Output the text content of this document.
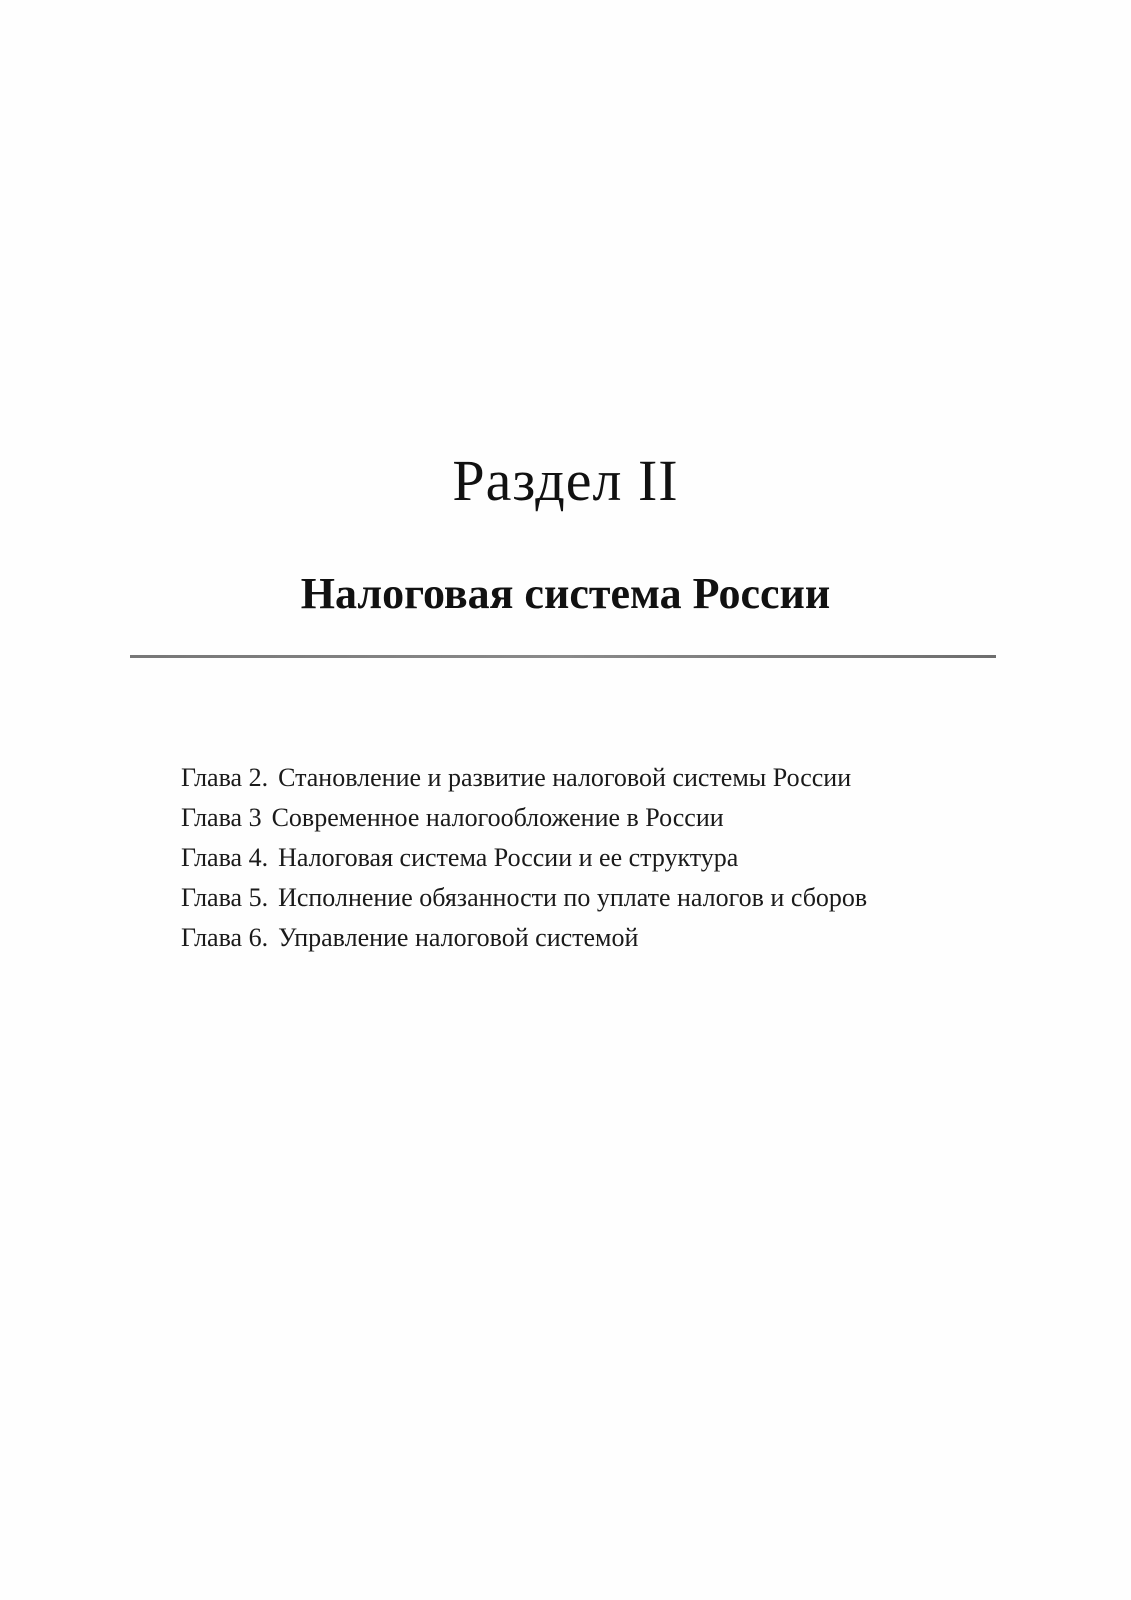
Раздел II
Налоговая система России
Глава 2. Становление и развитие налоговой системы России
Глава 3 Современное налогообложение в России
Глава 4. Налоговая система России и ее структура
Глава 5. Исполнение обязанности по уплате налогов и сборов
Глава 6. Управление налоговой системой
